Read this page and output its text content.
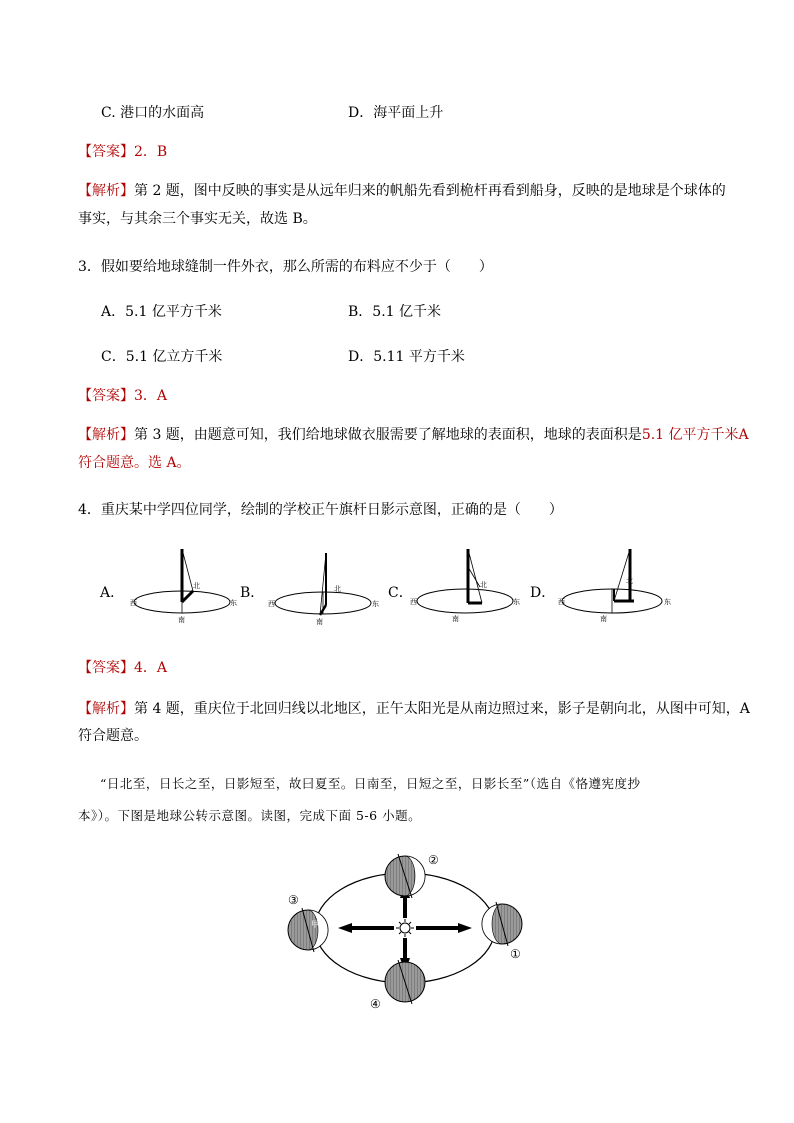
C. 港口的水面高	D．海平面上升
【答案】2．B
【解析】第 2 题，图中反映的事实是从远年归来的帆船先看到桅杆再看到船身，反映的是地球是个球体的
事实，与其余三个事实无关，故选 B。
3．假如要给地球缝制一件外衣，那么所需的布料应不少于（　　）
A．5.1 亿平方千米	B．5.1 亿千米
C．5.1 亿立方千米	D．5.11 平方千米
【答案】3．A
【解析】第 3 题，由题意可知，我们给地球做衣服需要了解地球的表面积，地球的表面积是5.1 亿平方千米A
符合题意。选 A。
4．重庆某中学四位同学，绘制的学校正午旗杆日影示意图，正确的是（　　）
A．	B．	C．	D．
北
南
东
西
北
南
东
西
北
南
东
西
北
南
东
西
【答案】4．A
【解析】第 4 题，重庆位于北回归线以北地区，正午太阳光是从南边照过来，影子是朝向北，从图中可知，A
符合题意。
“日北至，日长之至，日影短至，故曰夏至。日南至，日短之至，日影长至”（选自《恪遵宪度抄
本》）。下图是地球公转示意图。读图，完成下面 5-6 小题。
②
③
①
④
甲
